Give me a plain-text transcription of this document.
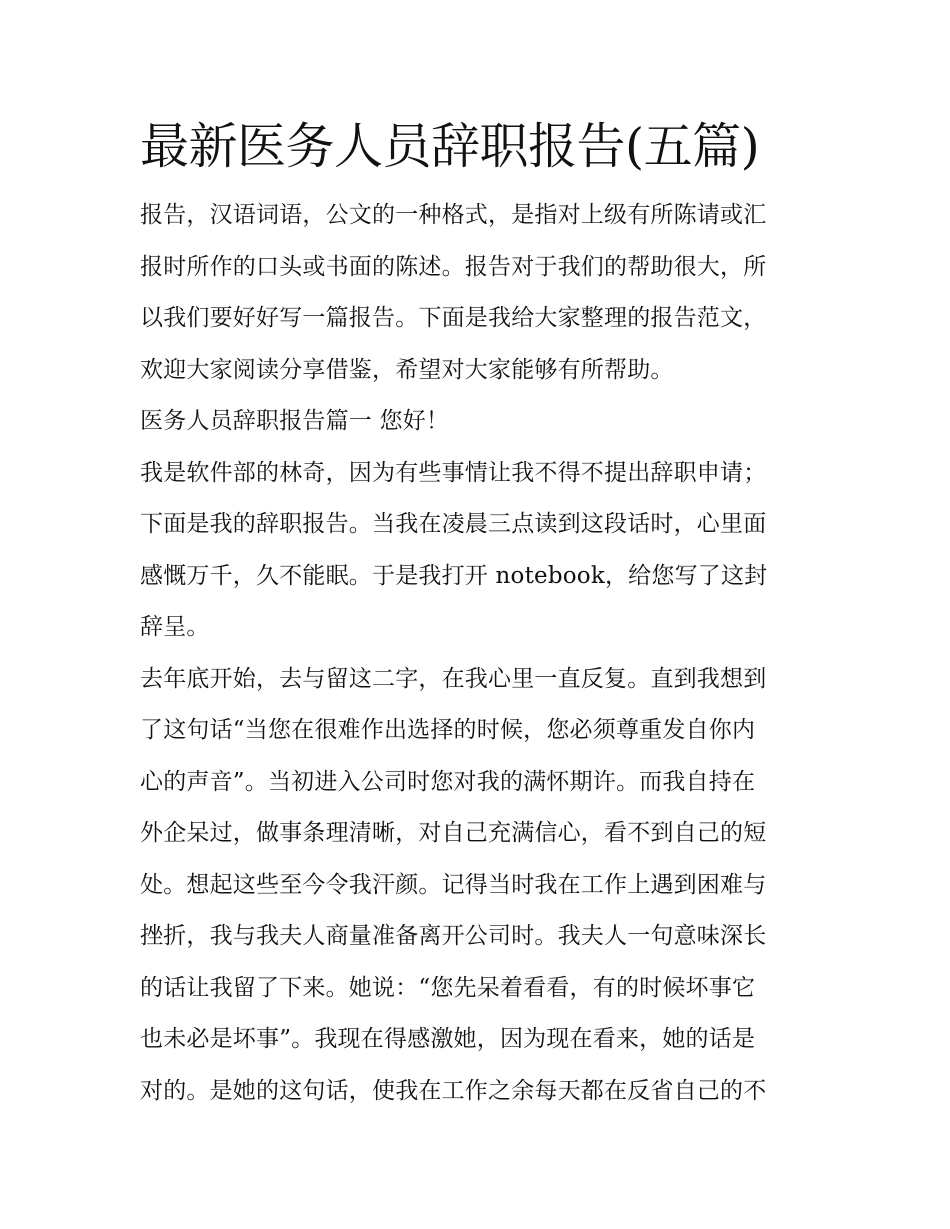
最新医务人员辞职报告(五篇)
报告，汉语词语，公文的一种格式，是指对上级有所陈请或汇
报时所作的口头或书面的陈述。报告对于我们的帮助很大，所
以我们要好好写一篇报告。下面是我给大家整理的报告范文，
欢迎大家阅读分享借鉴，希望对大家能够有所帮助。
医务人员辞职报告篇一 您好！
我是软件部的林奇，因为有些事情让我不得不提出辞职申请；
下面是我的辞职报告。当我在凌晨三点读到这段话时，心里面
感慨万千，久不能眠。于是我打开 notebook，给您写了这封
辞呈。
去年底开始，去与留这二字，在我心里一直反复。直到我想到
了这句话“当您在很难作出选择的时候，您必须尊重发自你内
心的声音”。当初进入公司时您对我的满怀期许。而我自持在
外企呆过，做事条理清晰，对自己充满信心，看不到自己的短
处。想起这些至今令我汗颜。记得当时我在工作上遇到困难与
挫折，我与我夫人商量准备离开公司时。我夫人一句意味深长
的话让我留了下来。她说：“您先呆着看看，有的时候坏事它
也未必是坏事”。我现在得感激她，因为现在看来，她的话是
对的。是她的这句话，使我在工作之余每天都在反省自己的不
